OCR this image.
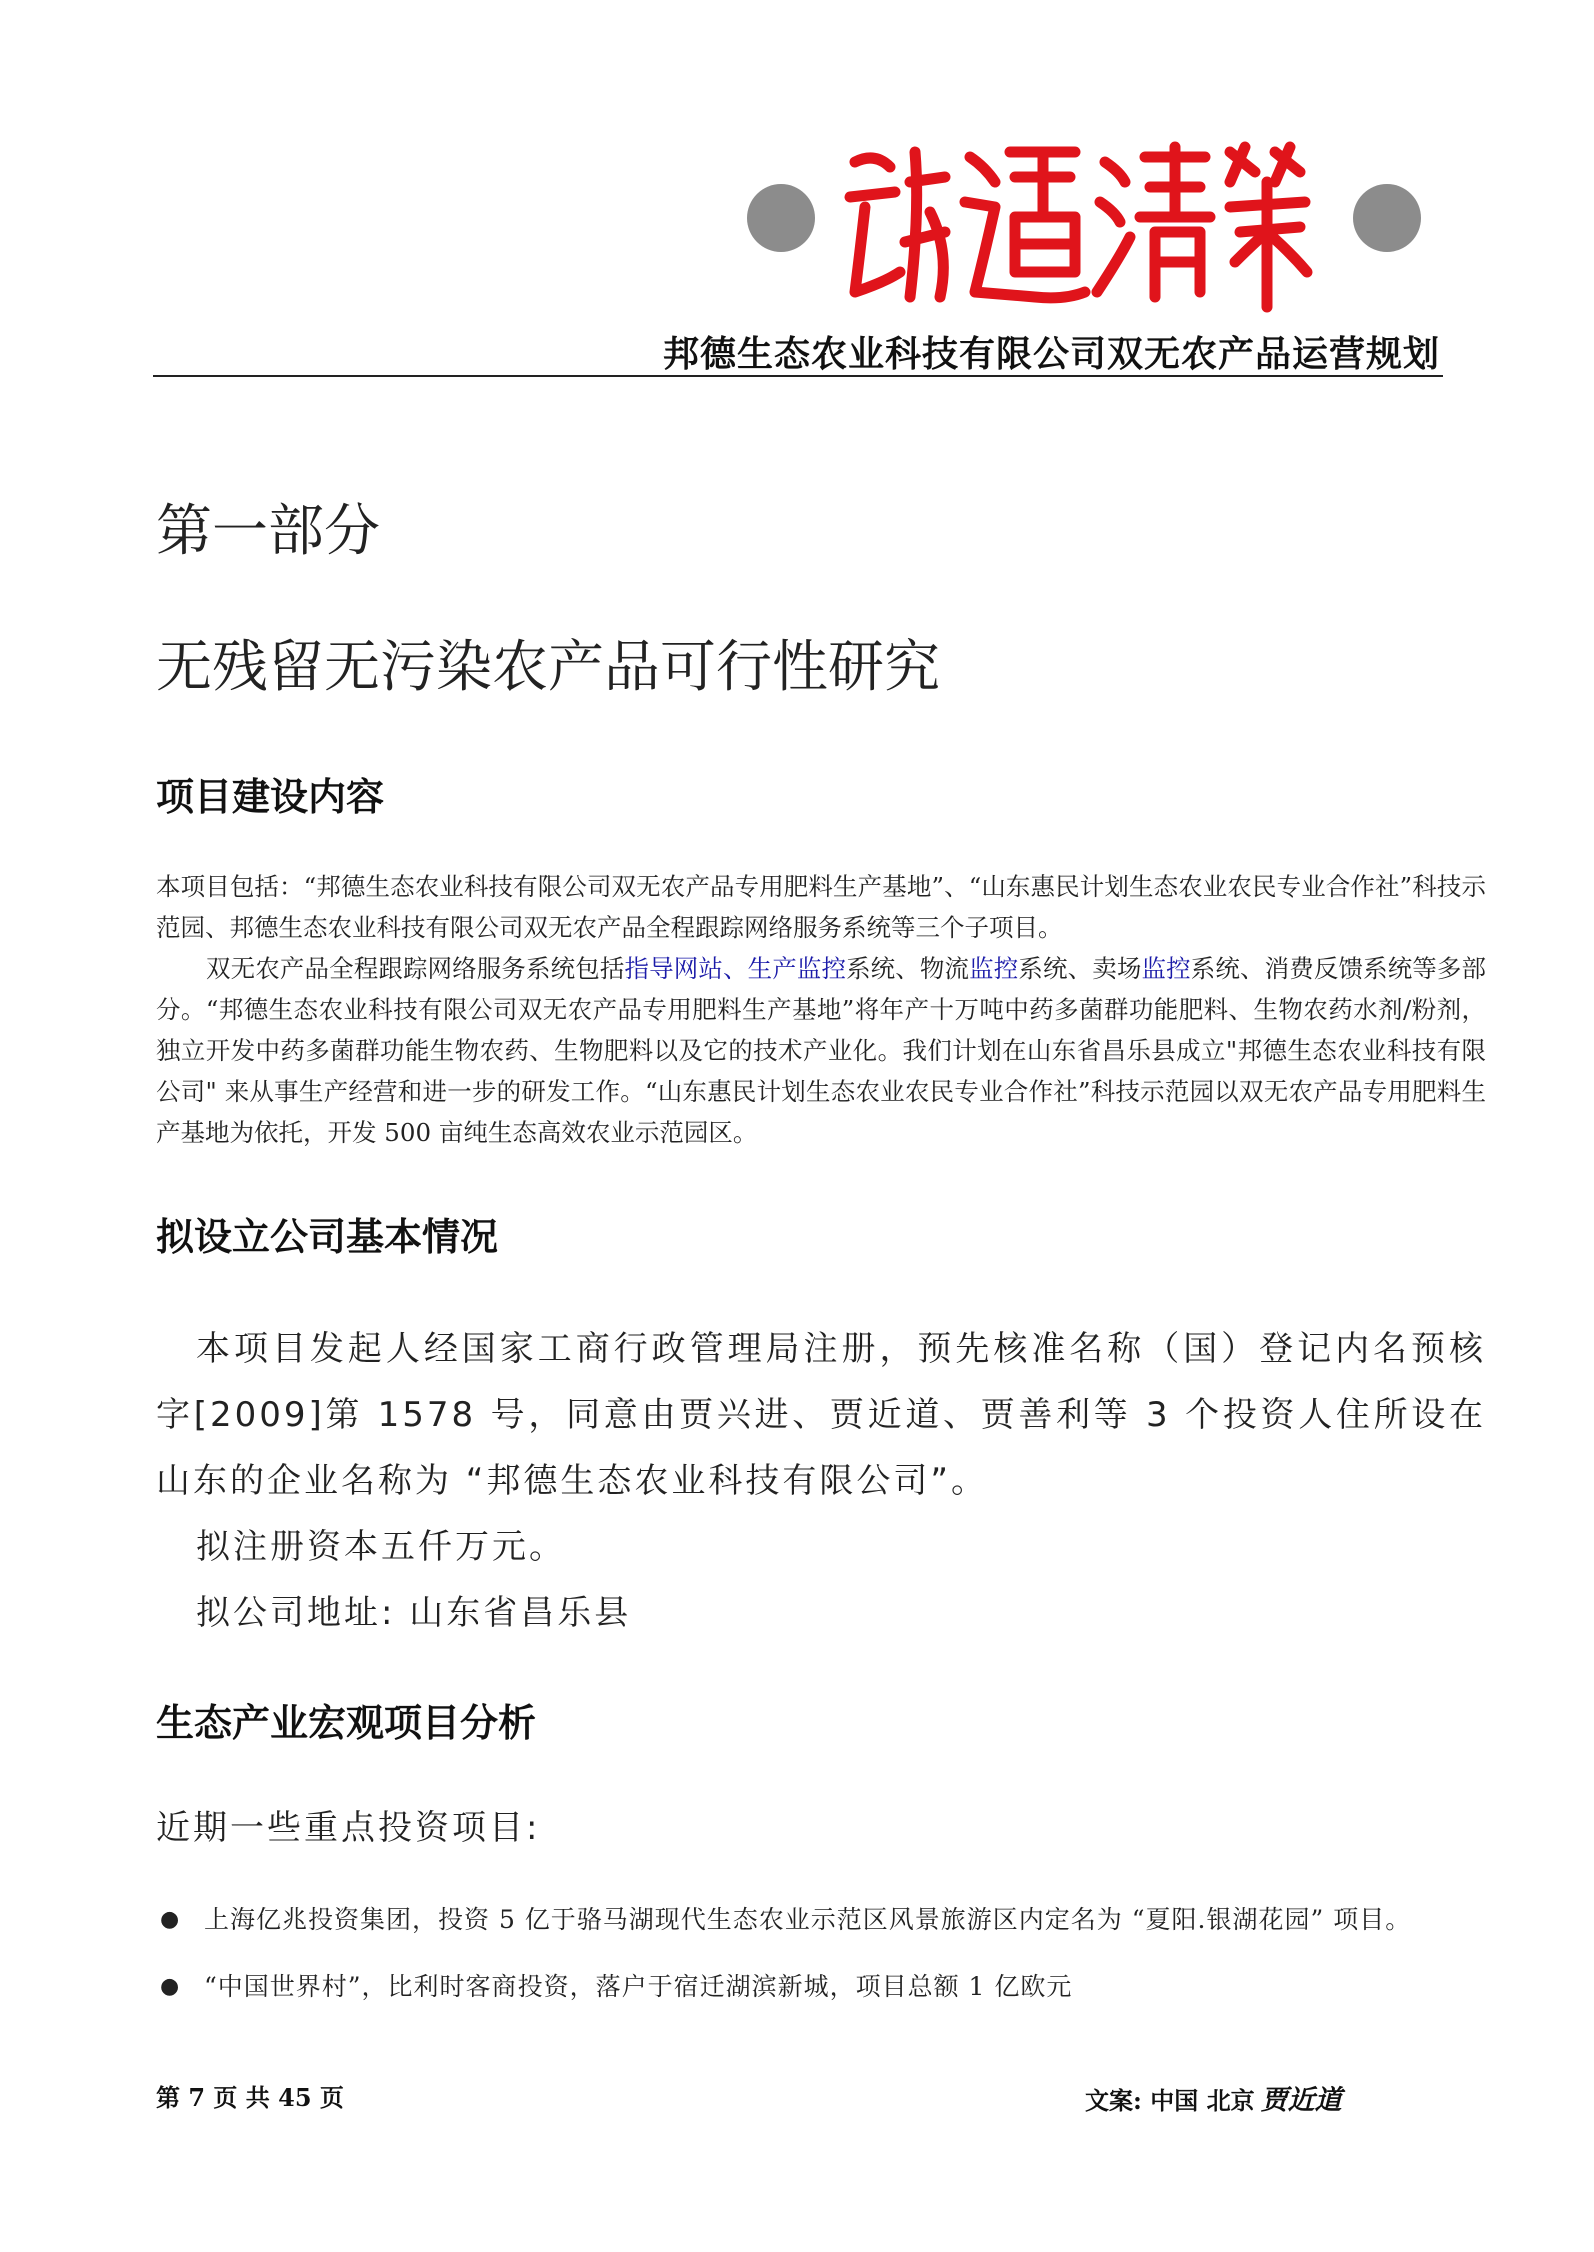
邦德生态农业科技有限公司双无农产品运营规划
第一部分
无残留无污染农产品可行性研究
项目建设内容

本项目包括：“邦德生态农业科技有限公司双无农产品专用肥料生产基地”、“山东惠民计划生态农业农民专业合作社”科技示范园、邦德生态农业科技有限公司双无农产品全程跟踪网络服务系统等三个子项目。

双无农产品全程跟踪网络服务系统包括指导网站、生产监控系统、物流监控系统、卖场监控系统、消费反馈系统等多部分。“邦德生态农业科技有限公司双无农产品专用肥料生产基地”将年产十万吨中药多菌群功能肥料、生物农药水剂/粉剂，独立开发中药多菌群功能生物农药、生物肥料以及它的技术产业化。我们计划在山东省昌乐县成立"邦德生态农业科技有限公司" 来从事生产经营和进一步的研发工作。“山东惠民计划生态农业农民专业合作社”科技示范园以双无农产品专用肥料生产基地为依托，开发 500 亩纯生态高效农业示范园区。

拟设立公司基本情况

本项目发起人经国家工商行政管理局注册，预先核准名称（国）登记内名预核字[2009]第 1578 号，同意由贾兴进、贾近道、贾善利等 3 个投资人住所设在山东的企业名称为 “邦德生态农业科技有限公司”。

拟注册资本五仟万元。

拟公司地址: 山东省昌乐县

生态产业宏观项目分析
近期一些重点投资项目:
● 上海亿兆投资集团，投资 5 亿于骆马湖现代生态农业示范区风景旅游区内定名为 “夏阳.银湖花园” 项目。
● “中国世界村”，比利时客商投资，落户于宿迁湖滨新城，项目总额 1 亿欧元
第 7 页 共 45 页	文案: 中国 北京 贾近道
